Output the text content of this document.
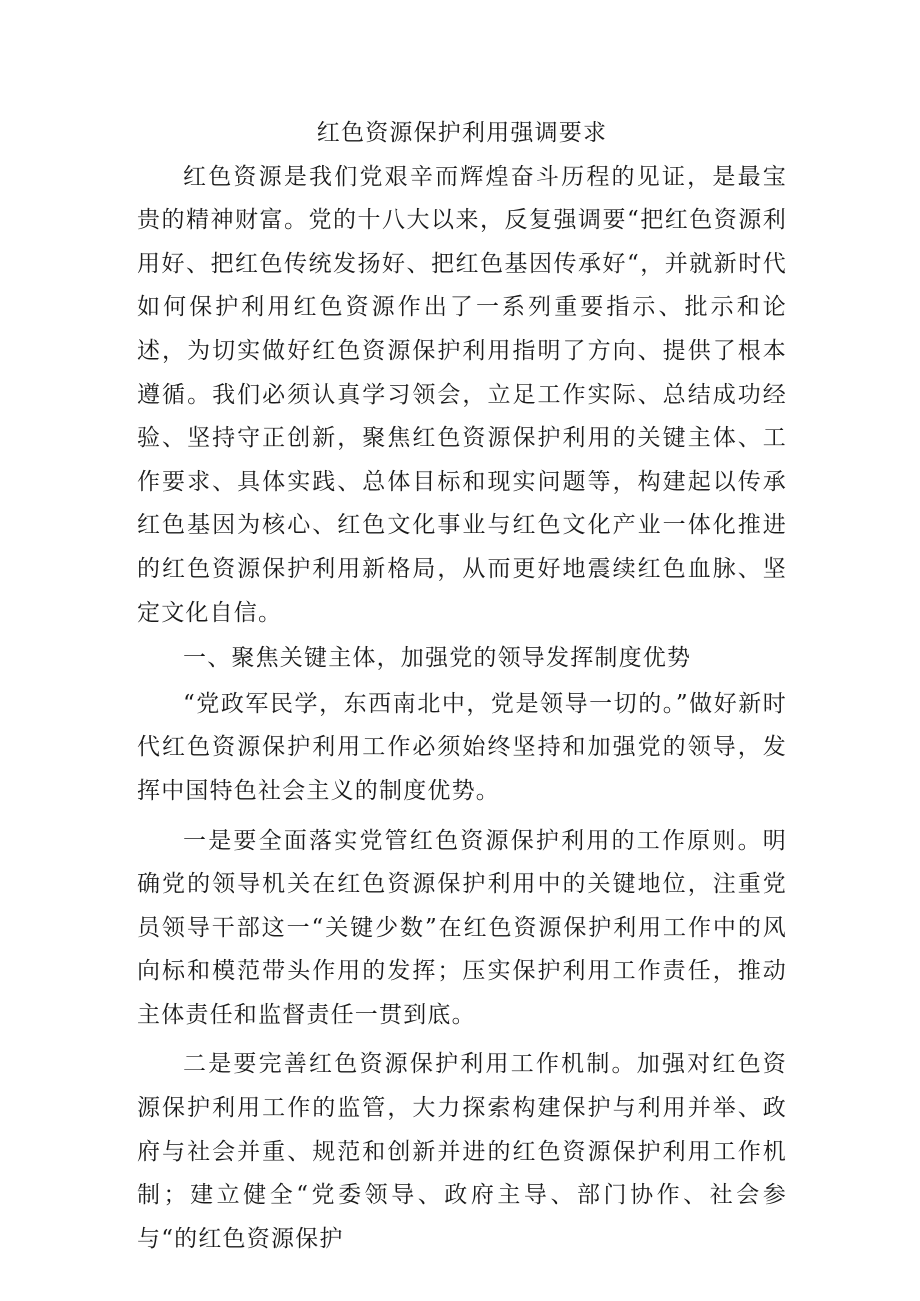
红色资源保护利用强调要求

红色资源是我们党艰辛而辉煌奋斗历程的见证，是最宝贵的精神财富。党的十八大以来，反复强调要“把红色资源利用好、把红色传统发扬好、把红色基因传承好“，并就新时代如何保护利用红色资源作出了一系列重要指示、批示和论述，为切实做好红色资源保护利用指明了方向、提供了根本遵循。我们必须认真学习领会，立足工作实际、总结成功经验、坚持守正创新，聚焦红色资源保护利用的关键主体、工作要求、具体实践、总体目标和现实问题等，构建起以传承红色基因为核心、红色文化事业与红色文化产业一体化推进的红色资源保护利用新格局，从而更好地震续红色血脉、坚定文化自信。

一、聚焦关键主体，加强党的领导发挥制度优势

“党政军民学，东西南北中，党是领导一切的。”做好新时代红色资源保护利用工作必须始终坚持和加强党的领导，发挥中国特色社会主义的制度优势。

一是要全面落实党管红色资源保护利用的工作原则。明确党的领导机关在红色资源保护利用中的关键地位，注重党员领导干部这一“关键少数”在红色资源保护利用工作中的风向标和模范带头作用的发挥；压实保护利用工作责任，推动主体责任和监督责任一贯到底。

二是要完善红色资源保护利用工作机制。加强对红色资源保护利用工作的监管，大力探索构建保护与利用并举、政府与社会并重、规范和创新并进的红色资源保护利用工作机制；建立健全“党委领导、政府主导、部门协作、社会参与“的红色资源保护
